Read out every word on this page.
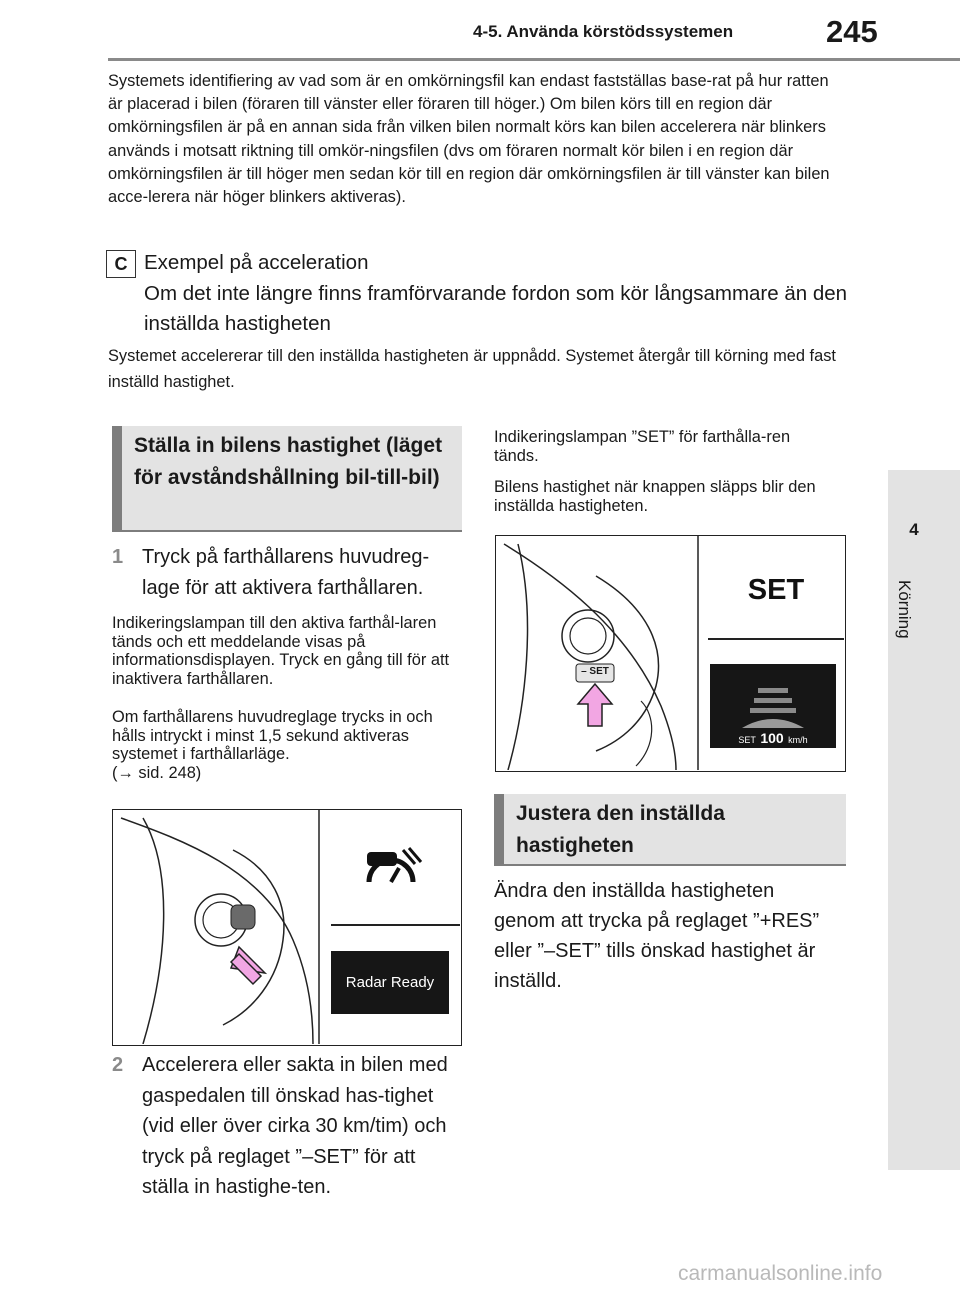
4-5. Använda körstödssystemen	245
4
Körning
Systemets identifiering av vad som är en omkörningsfil kan endast fastställas base-rat på hur ratten är placerad i bilen (föraren till vänster eller föraren till höger.) Om bilen körs till en region där omkörningsfilen är på en annan sida från vilken bilen normalt körs kan bilen accelerera när blinkers används i motsatt riktning till omkör-ningsfilen (dvs om föraren normalt kör bilen i en region där omkörningsfilen är till höger men sedan kör till en region där omkörningsfilen är till vänster kan bilen acce-lerera när höger blinkers aktiveras).
C Exempel på acceleration
Om det inte längre finns framförvarande fordon som kör långsammare än den inställda hastigheten
Systemet accelererar till den inställda hastigheten är uppnådd. Systemet återgår till körning med fast inställd hastighet.
Ställa in bilens hastighet (läget för avståndshållning bil-till-bil)
1 Tryck på farthållarens huvudreg-lage för att aktivera farthållaren.
Indikeringslampan till den aktiva farthål-laren tänds och ett meddelande visas på informationsdisplayen. Tryck en gång till för att inaktivera farthållaren.
Om farthållarens huvudreglage trycks in och hålls intryckt i minst 1,5 sekund aktiveras systemet i farthållarläge.
(→ sid. 248)
Radar Ready
2 Accelerera eller sakta in bilen med gaspedalen till önskad has-tighet (vid eller över cirka 30 km/tim) och tryck på reglaget ”–SET” för att ställa in hastighe-ten.
Indikeringslampan ”SET” för farthålla-ren tänds.
Bilens hastighet när knappen släpps blir den inställda hastigheten.
SET
– SET
SET 100 km/h
Justera den inställda hastigheten
Ändra den inställda hastigheten genom att trycka på reglaget ”+RES” eller ”–SET” tills önskad hastighet är inställd.
carmanualsonline.info
